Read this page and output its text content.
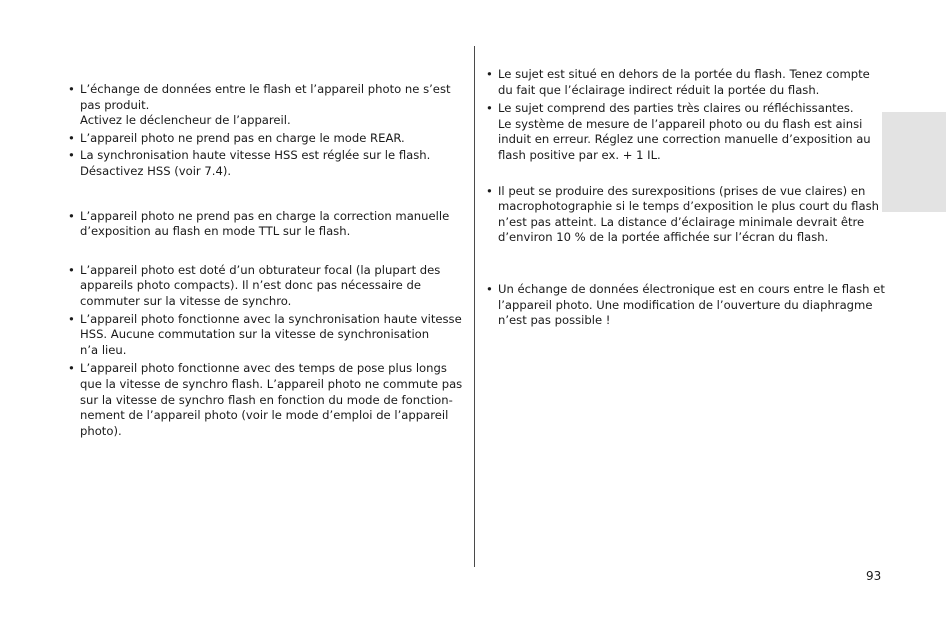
• L’échange de données entre le flash et l’appareil photo ne s’est
pas produit.
Activez le déclencheur de l’appareil.
• L’appareil photo ne prend pas en charge le mode REAR.
• La synchronisation haute vitesse HSS est réglée sur le flash.
Désactivez HSS (voir 7.4).
• L’appareil photo ne prend pas en charge la correction manuelle
d’exposition au flash en mode TTL sur le flash.
• L’appareil photo est doté d’un obturateur focal (la plupart des
appareils photo compacts). Il n’est donc pas nécessaire de
commuter sur la vitesse de synchro.
• L’appareil photo fonctionne avec la synchronisation haute vitesse
HSS. Aucune commutation sur la vitesse de synchronisation
n’a lieu.
• L’appareil photo fonctionne avec des temps de pose plus longs
que la vitesse de synchro flash. L’appareil photo ne commute pas
sur la vitesse de synchro flash en fonction du mode de fonction-
nement de l’appareil photo (voir le mode d’emploi de l’appareil
photo).
• Le sujet est situé en dehors de la portée du flash. Tenez compte
du fait que l’éclairage indirect réduit la portée du flash.
• Le sujet comprend des parties très claires ou réfléchissantes.
Le système de mesure de l’appareil photo ou du flash est ainsi
induit en erreur. Réglez une correction manuelle d’exposition au
flash positive par ex. + 1 IL.
• Il peut se produire des surexpositions (prises de vue claires) en
macrophotographie si le temps d’exposition le plus court du flash
n’est pas atteint. La distance d’éclairage minimale devrait être
d’environ 10 % de la portée affichée sur l’écran du flash.
• Un échange de données électronique est en cours entre le flash et
l’appareil photo. Une modification de l’ouverture du diaphragme
n’est pas possible !
93
